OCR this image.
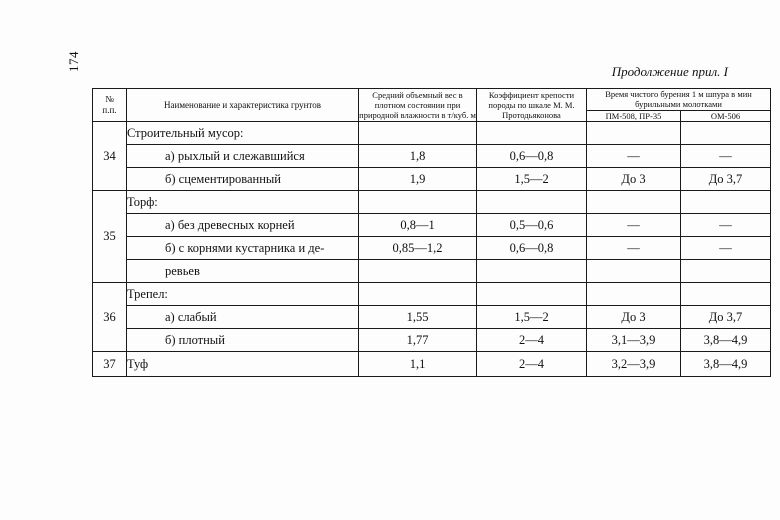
174	Продолжение прил. I
№
п.п.	Наименование и характеристика грунтов	Средний объемный вес в плотном состоянии при природной влажности в т/куб. м	Коэффициент крепости породы по шкале М. М. Протодьяконова	Время чистого бурения 1 м шпура в мин бурильными молотками	
				ПМ-508, ПР-35	ОМ-506
34	Строительный мусор:				
	а) рыхлый и слежавшийся	1,8	0,6—0,8	—	—
	б) сцементированный	1,9	1,5—2	До 3	До 3,7
35	Торф:				
	а) без древесных корней	0,8—1	0,5—0,6	—	—
	б) с корнями кустарника и де-	0,85—1,2	0,6—0,8	—	—
	ревьев				
36	Трепел:				
	а) слабый	1,55	1,5—2	До 3	До 3,7
	б) плотный	1,77	2—4	3,1—3,9	3,8—4,9
37	Туф	1,1	2—4	3,2—3,9	3,8—4,9
